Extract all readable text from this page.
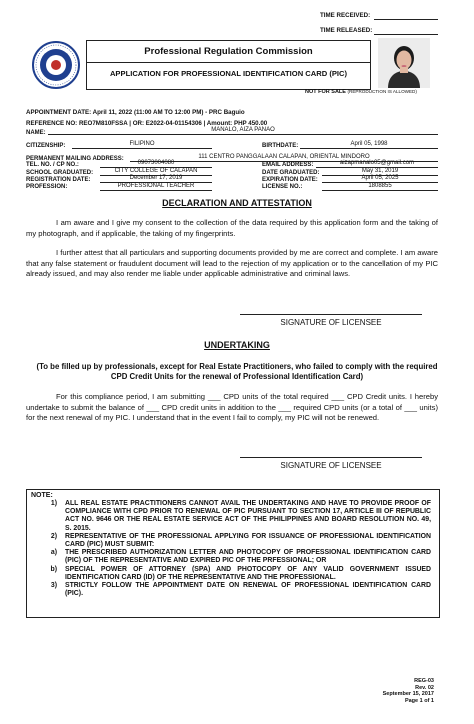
TIME RECEIVED:
TIME RELEASED:
Professional Regulation Commission
APPLICATION FOR PROFESSIONAL IDENTIFICATION CARD (PIC)
NOT FOR SALE (REPRODUCTION IS ALLOWED)
APPOINTMENT DATE: April 11, 2022 (11:00 AM TO 12:00 PM) - PRC Baguio
REFERENCE NO: REO7M810FSSA | OR: E2022-04-01154306 | Amount: PHP 450.00
NAME:	MANALO, AIZA PANAO
CITIZENSHIP:	FILIPINO	BIRTHDATE:	April 05, 1998
PERMANENT MAILING ADDRESS:	111 CENTRO PANGGALAAN CALAPAN, ORIENTAL MINDORO
TEL. NO. / CP NO.:	09073004080	EMAIL ADDRESS:	aizapmanalo05@gmail.com
SCHOOL GRADUATED:	CITY COLLEGE OF CALAPAN	DATE GRADUATED:	May 31, 2019
REGISTRATION DATE:	December 17, 2019	EXPIRATION DATE:	April 05, 2025
PROFESSION:	PROFESSIONAL TEACHER	LICENSE NO.:	1808855
DECLARATION AND ATTESTATION
I am aware and I give my consent to the collection of the data required by this application form and the taking of my photograph, and if applicable, the taking of my fingerprints.
I further attest that all particulars and supporting documents provided by me are correct and complete. I am aware that any false statement or fraudulent document will lead to the rejection of my application or to the cancellation of my PIC already issued, and may also render me liable under applicable administrative and criminal laws.
SIGNATURE OF LICENSEE
UNDERTAKING
(To be filled up by professionals, except for Real Estate Practitioners, who failed to comply with the required CPD Credit Units for the renewal of Professional Identification Card)
For this compliance period, I am submitting ___ CPD units of the total required ___ CPD Credit units. I hereby undertake to submit the balance of ___ CPD credit units in addition to the ___ required CPD units (or a total of ___ units) for the next renewal of my PIC. I understand that in the event I fail to comply, my PIC will not be renewed.
SIGNATURE OF LICENSEE
NOTE:
1)	ALL REAL ESTATE PRACTITIONERS CANNOT AVAIL THE UNDERTAKING AND HAVE TO PROVIDE PROOF OF COMPLIANCE WITH CPD PRIOR TO RENEWAL OF PIC PURSUANT TO SECTION 17, ARTICLE III OF REPUBLIC ACT NO. 9646 OR THE REAL ESTATE SERVICE ACT OF THE PHILIPPINES AND BOARD RESOLUTION NO. 49, S. 2015.
2)	REPRESENTATIVE OF THE PROFESSIONAL APPLYING FOR ISSUANCE OF PROFESSIONAL IDENTIFICATION CARD (PIC) MUST SUBMIT:
a)	THE PRESCRIBED AUTHORIZATION LETTER AND PHOTOCOPY OF PROFESSIONAL IDENTIFICATION CARD (PIC) OF THE REPRESENTATIVE AND EXPIRED PIC OF THE PRFESSIONAL; OR
b)	SPECIAL POWER OF ATTORNEY (SPA) AND PHOTOCOPY OF ANY VALID GOVERNMENT ISSUED IDENTIFICATION CARD (ID) OF THE REPRESENTATIVE AND THE PROFESSIONAL.
3)	STRICTLY FOLLOW THE APPOINTMENT DATE ON RENEWAL OF PROFESSIONAL IDENTIFICATION CARD (PIC).
REG-03
Rev. 02
September 15, 2017
Page 1 of 1
